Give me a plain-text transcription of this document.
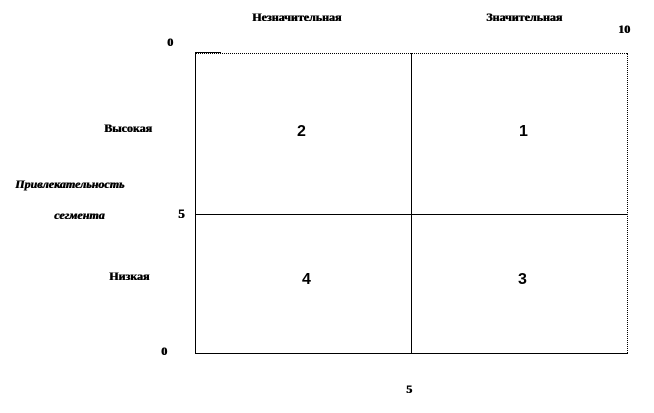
Незначительная	Значительная
0
10
5
0
5
Высокая
Низкая
Привлекательность
сегмента
2	1
4	3
